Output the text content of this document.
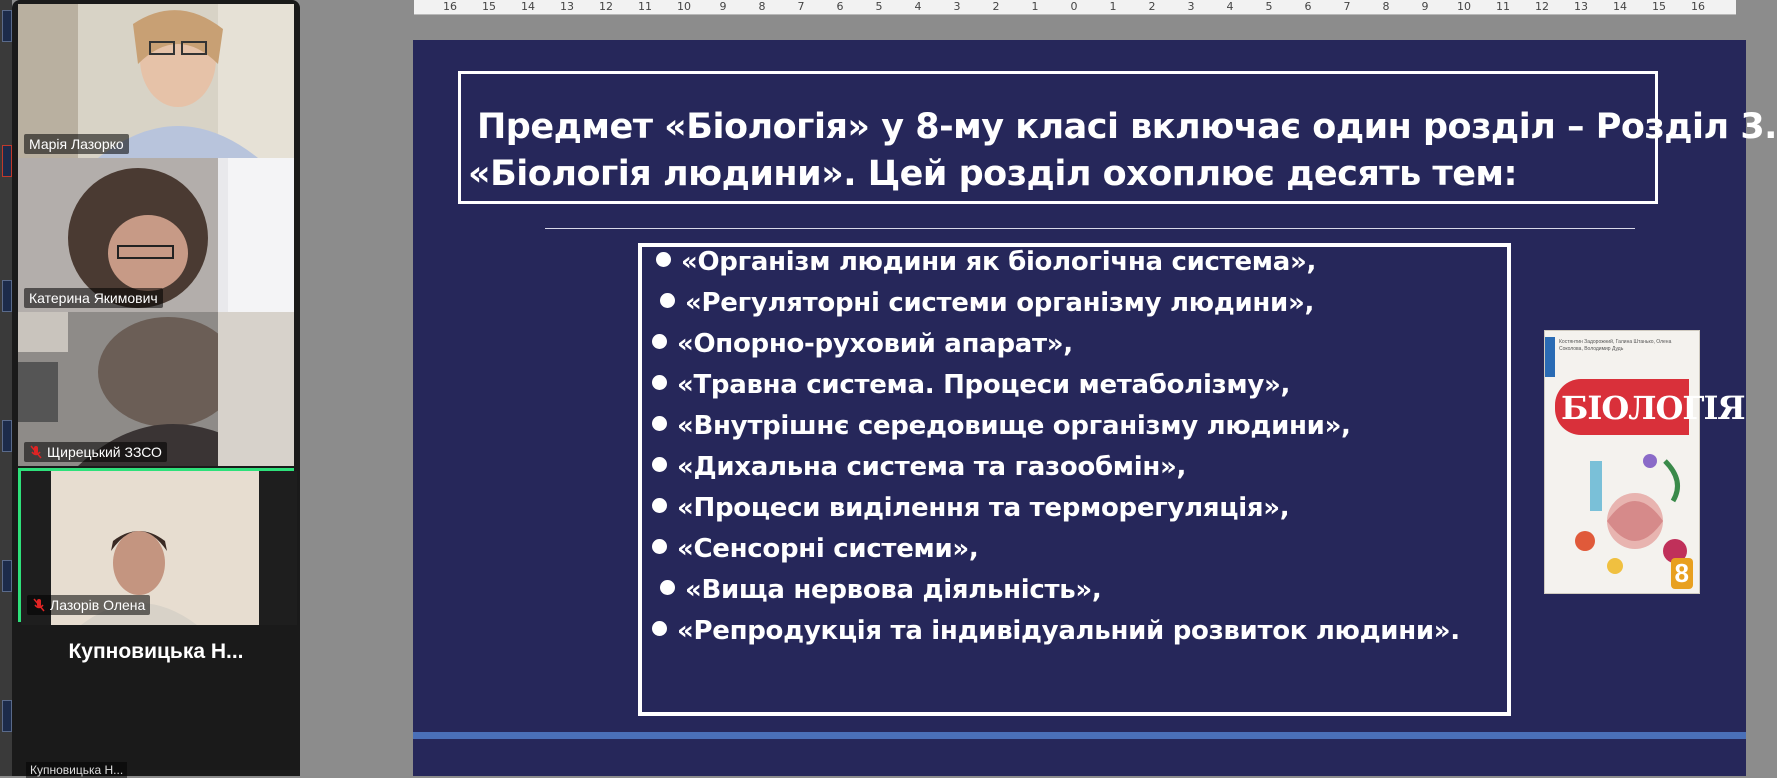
Марія Лазорко
Катерина Якимович
Щирецький ЗЗСО
Лазорів Олена
Купновицька Н...
Купновицька Н...
16 15 14 13 12 11 10	9	8	7	6	5	4	3	2	1	0	1	2	3	4	5	6	7	8	9	10 11 12 13 14 15 16
Предмет «Біологія» у 8-му класі включає один розділ – Розділ 3.
«Біологія людини». Цей розділ охоплює десять тем:
«Організм людини як біологічна система»,
«Регуляторні системи організму людини»,
«Опорно-руховий апарат»,
«Травна система. Процеси метаболізму»,
«Внутрішнє середовище організму людини»,
«Дихальна система та газообмін»,
«Процеси виділення та терморегуляція»,
«Сенсорні системи»,
«Вища нервова діяльність»,
«Репродукція та індивідуальний розвиток людини».
Костянтин Задорожний, Галина Штанько, Олена Соколова, Володимир Дудь
БІОЛОГІЯ
8
